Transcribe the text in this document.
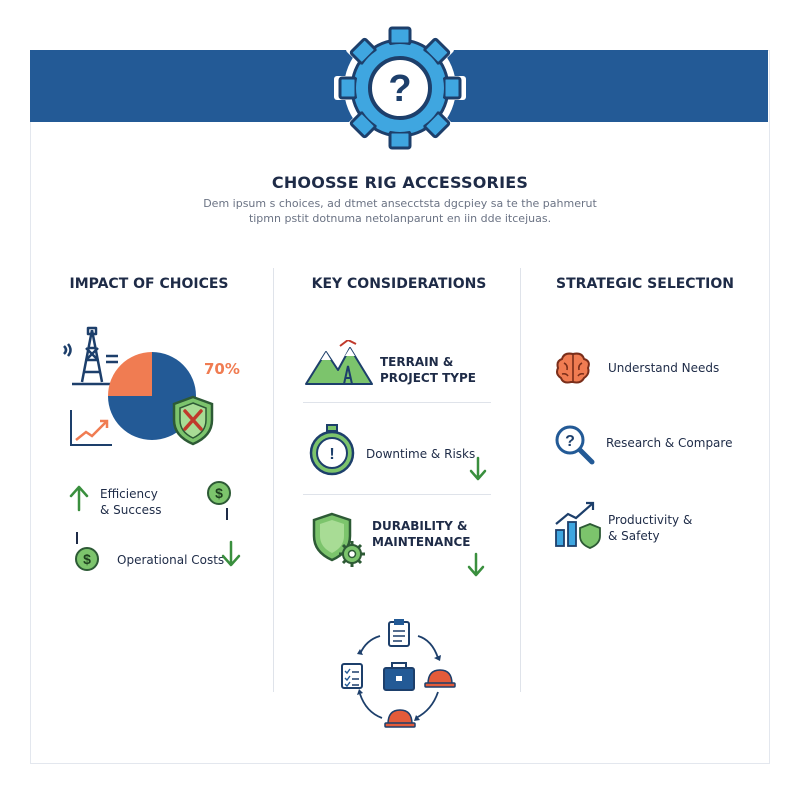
?
CHOOSSE RIG ACCESSORIES
Dem ipsum s choices, ad dtmet ansecctsta dgcpiey sa te the pahmerut
tipmn pstit dotnuma netolanparunt en iin dde itcejuas.
IMPACT OF CHOICES	KEY CONSIDERATIONS	STRATEGIC SELECTION
70%
Efficiency
& Success
$
$ Operational Costs
TERRAIN &
PROJECT TYPE
!	Downtime & Risks
DURABILITY &
MAINTENANCE
Understand Needs
?	Research & Compare
Productivity &
& Safety
